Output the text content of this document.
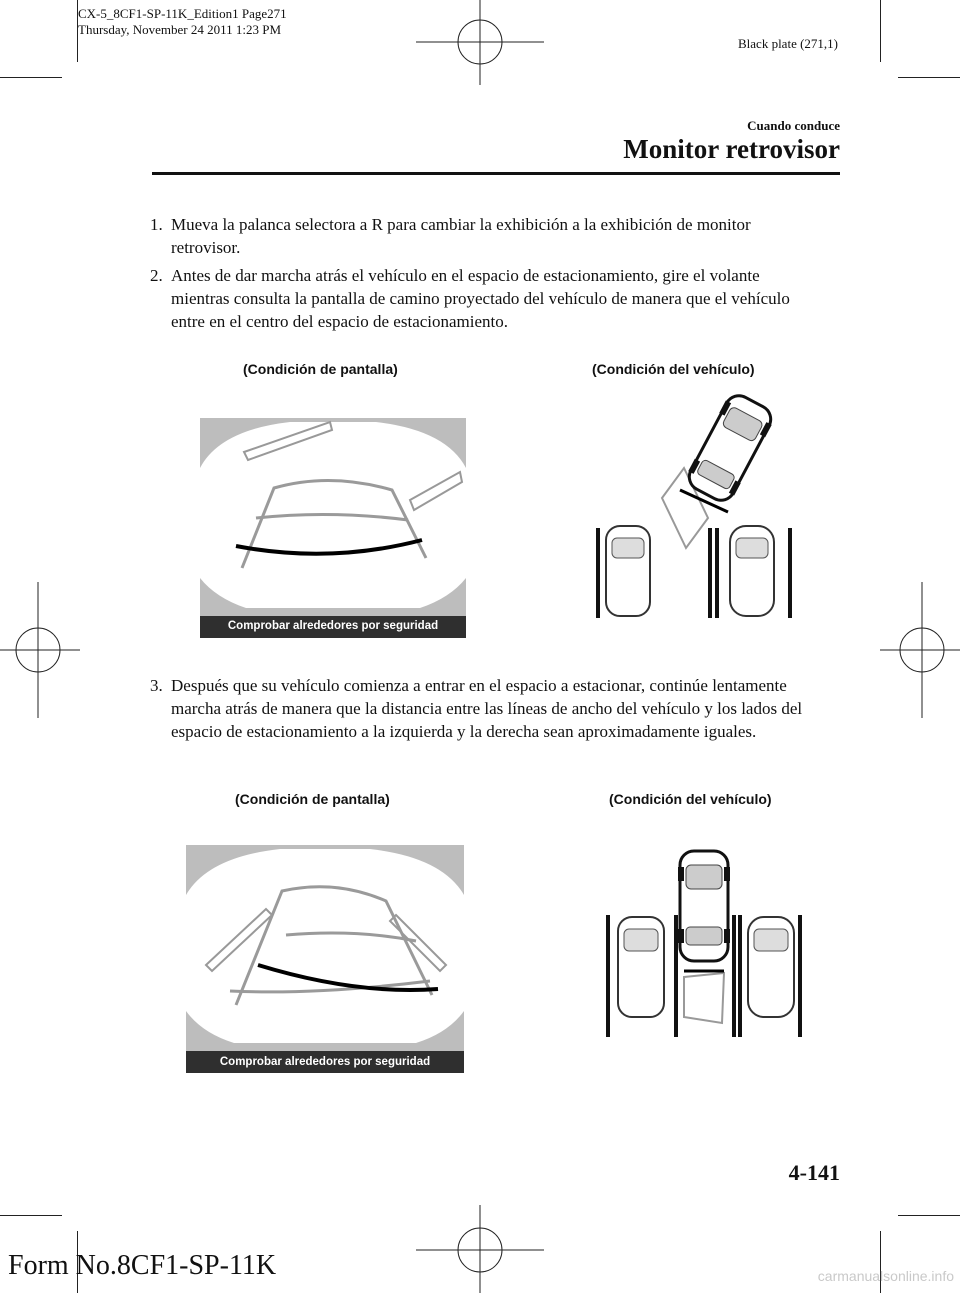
CX-5_8CF1-SP-11K_Edition1 Page271
Thursday, November 24 2011 1:23 PM
Black plate (271,1)
Cuando conduce
Monitor retrovisor
1. Mueva la palanca selectora a R para cambiar la exhibición a la exhibición de monitor retrovisor.
2. Antes de dar marcha atrás el vehículo en el espacio de estacionamiento, gire el volante mientras consulta la pantalla de camino proyectado del vehículo de manera que el vehículo entre en el centro del espacio de estacionamiento.
(Condición de pantalla)	(Condición del vehículo)
Comprobar alrededores por seguridad
3. Después que su vehículo comienza a entrar en el espacio a estacionar, continúe lentamente marcha atrás de manera que la distancia entre las líneas de ancho del vehículo y los lados del espacio de estacionamiento a la izquierda y la derecha sean aproximadamente iguales.
(Condición de pantalla)	(Condición del vehículo)
Comprobar alrededores por seguridad
4-141
Form No.8CF1-SP-11K	carmanualsonline.info
